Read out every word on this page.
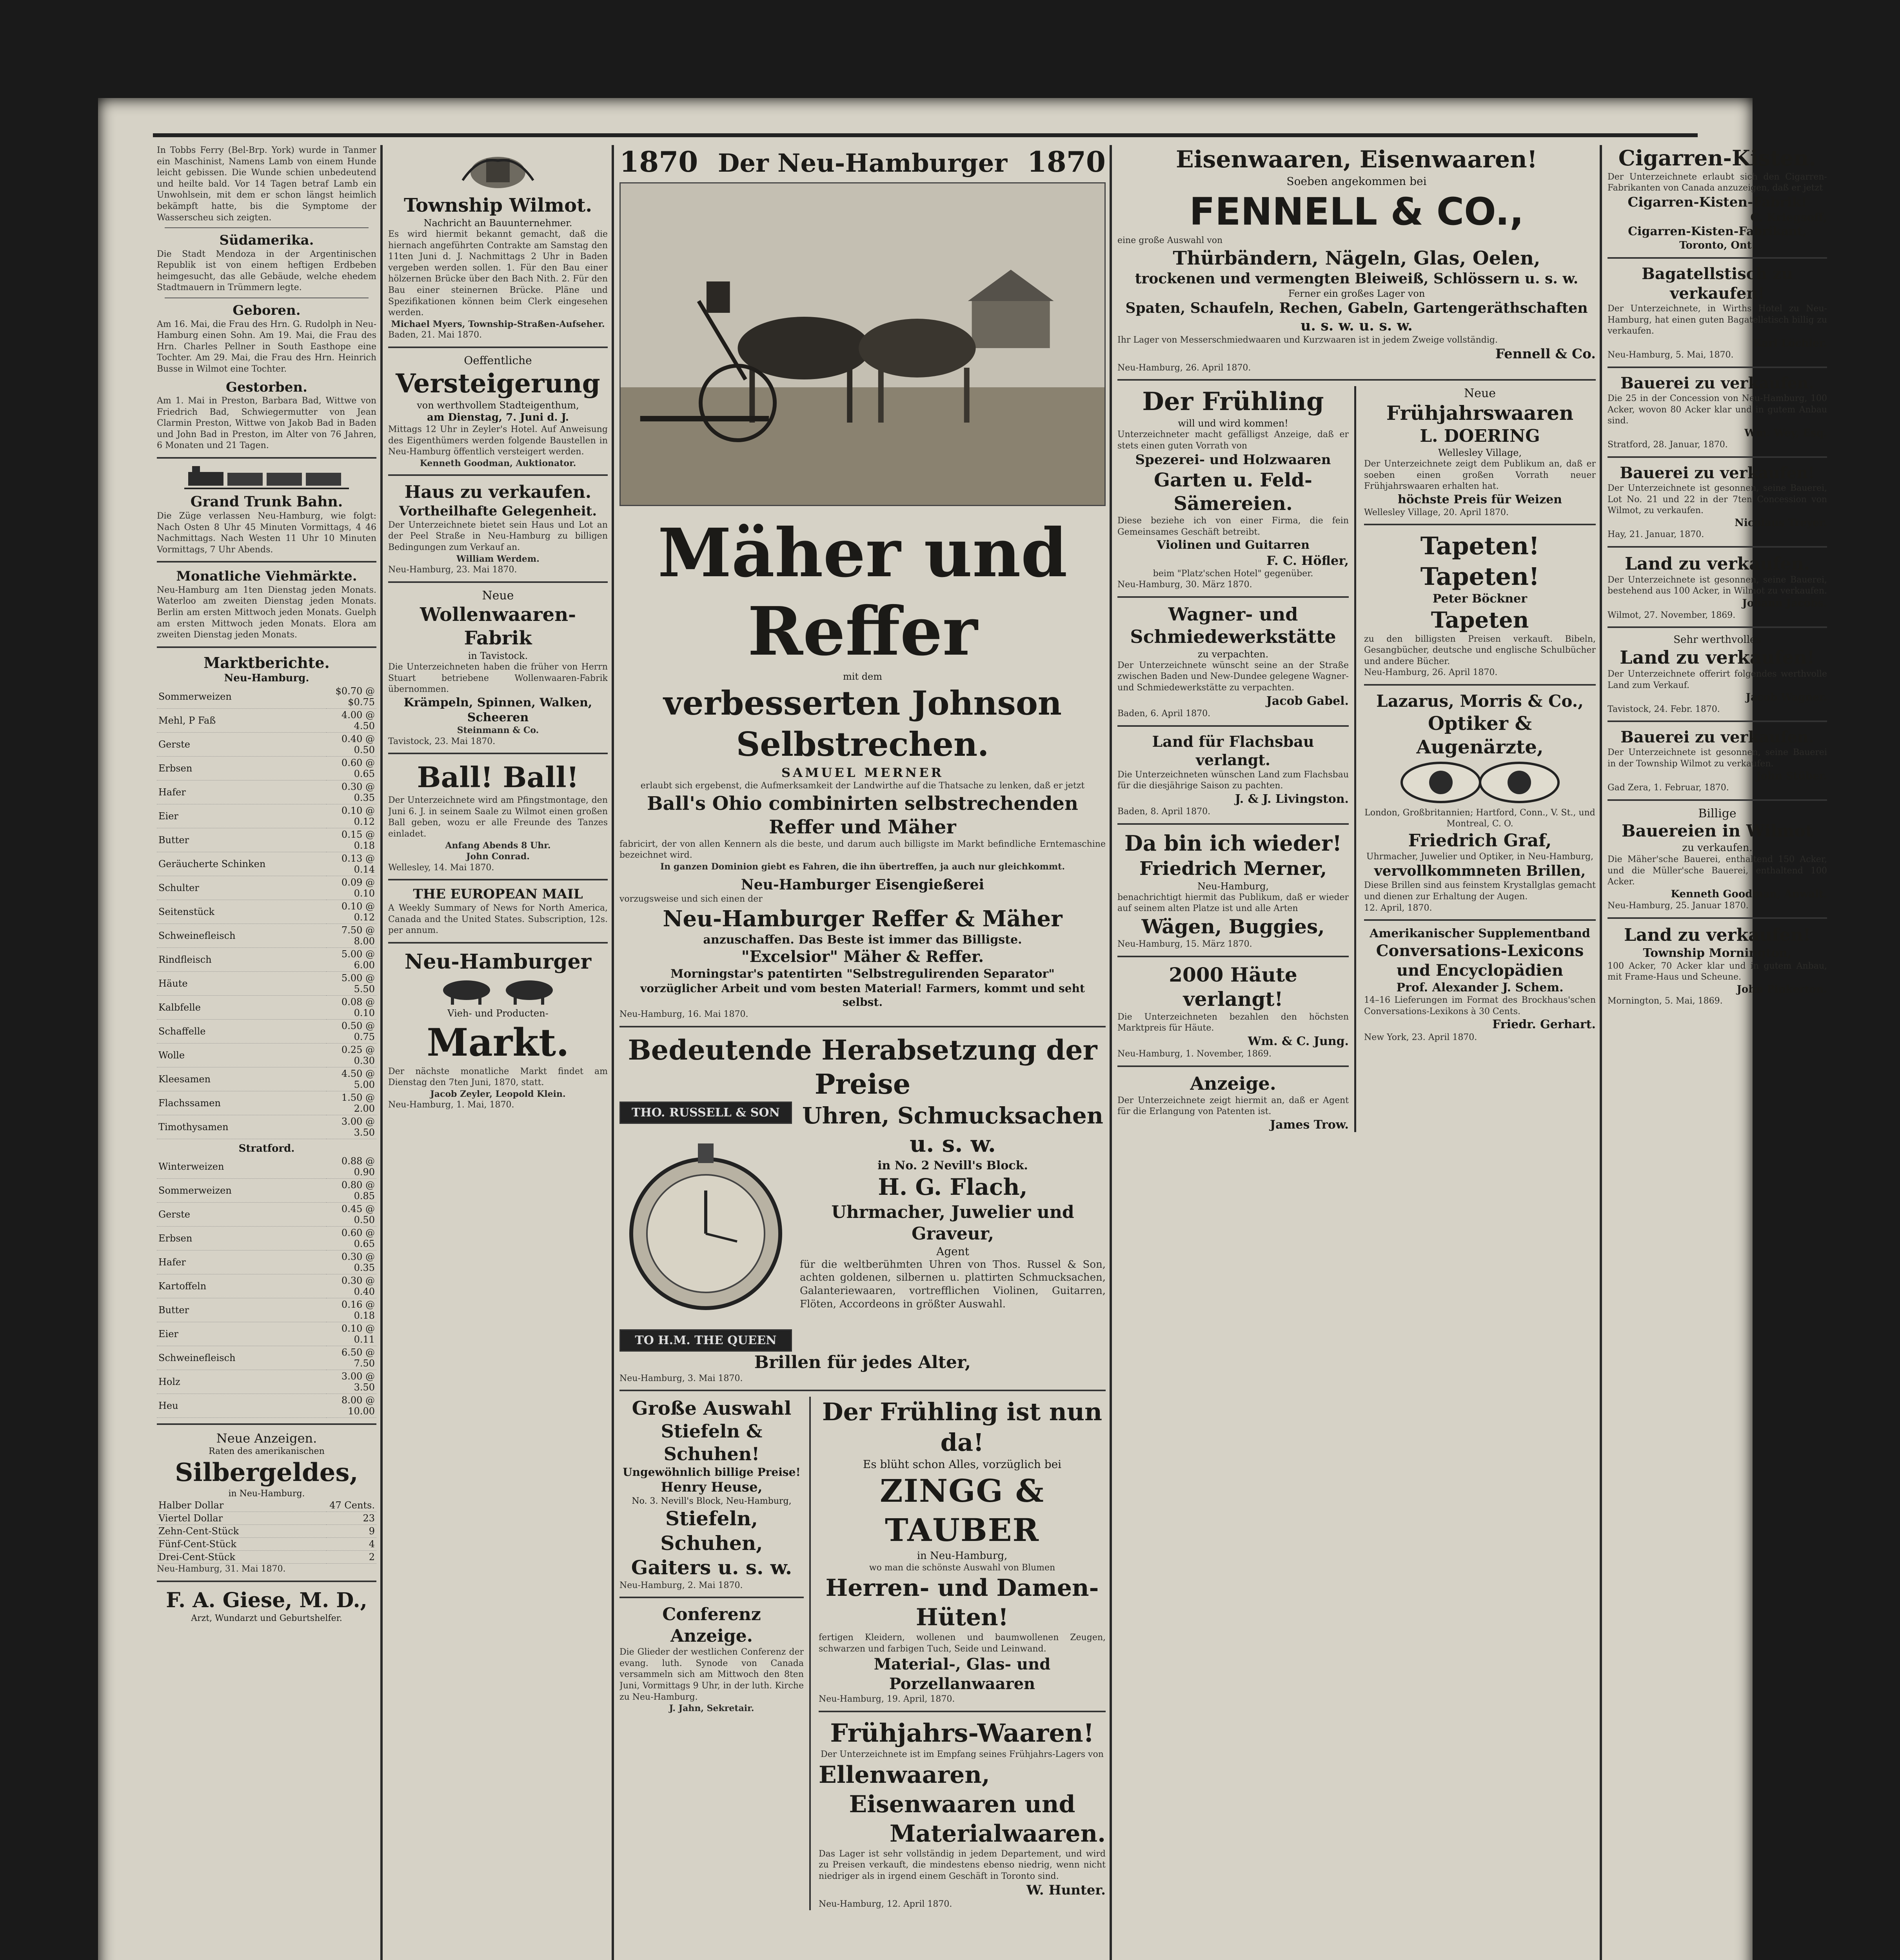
In Tobbs Ferry (Bel-Brp. York) wurde in Tanmer ein Maschinist, Namens Lamb von einem Hunde leicht gebissen. Die Wunde schien unbedeutend und heilte bald. Vor 14 Tagen betraf Lamb ein Unwohlsein, mit dem er schon längst heimlich bekämpft hatte, bis die Symptome der Wasserscheu sich zeigten.
Südamerika.
Die Stadt Mendoza in der Argentinischen Republik ist von einem heftigen Erdbeben heimgesucht, das alle Gebäude, welche ehedem Stadtmauern in Trümmern legte.
Geboren.
Am 16. Mai, die Frau des Hrn. G. Rudolph in Neu-Hamburg einen Sohn. Am 19. Mai, die Frau des Hrn. Charles Pellner in South Easthope eine Tochter. Am 29. Mai, die Frau des Hrn. Heinrich Busse in Wilmot eine Tochter.
Gestorben.
Am 1. Mai in Preston, Barbara Bad, Wittwe von Friedrich Bad, Schwiegermutter von Jean Clarmin Preston, Wittwe von Jakob Bad in Baden und John Bad in Preston, im Alter von 76 Jahren, 6 Monaten und 21 Tagen.
Grand Trunk Bahn.
Die Züge verlassen Neu-Hamburg, wie folgt: Nach Osten 8 Uhr 45 Minuten Vormittags, 4 46 Nachmittags. Nach Westen 11 Uhr 10 Minuten Vormittags, 7 Uhr Abends.
Monatliche Viehmärkte.
Neu-Hamburg am 1ten Dienstag jeden Monats. Waterloo am zweiten Dienstag jeden Monats. Berlin am ersten Mittwoch jeden Monats. Guelph am ersten Mittwoch jeden Monats. Elora am zweiten Dienstag jeden Monats.
Marktberichte.
Neu-Hamburg.
Sommerweizen	$0.70 @ $0.75
Mehl, P Faß	4.00 @ 4.50
Gerste	0.40 @ 0.50
Erbsen	0.60 @ 0.65
Hafer	0.30 @ 0.35
Eier	0.10 @ 0.12
Butter	0.15 @ 0.18
Geräucherte Schinken	0.13 @ 0.14
Schulter	0.09 @ 0.10
Seitenstück	0.10 @ 0.12
Schweinefleisch	7.50 @ 8.00
Rindfleisch	5.00 @ 6.00
Häute	5.00 @ 5.50
Kalbfelle	0.08 @ 0.10
Schaffelle	0.50 @ 0.75
Wolle	0.25 @ 0.30
Kleesamen	4.50 @ 5.00
Flachssamen	1.50 @ 2.00
Timothysamen	3.00 @ 3.50
Stratford.
Winterweizen	0.88 @ 0.90
Sommerweizen	0.80 @ 0.85
Gerste	0.45 @ 0.50
Erbsen	0.60 @ 0.65
Hafer	0.30 @ 0.35
Kartoffeln	0.30 @ 0.40
Butter	0.16 @ 0.18
Eier	0.10 @ 0.11
Schweinefleisch	6.50 @ 7.50
Holz	3.00 @ 3.50
Heu	8.00 @ 10.00
Neue Anzeigen.
Raten des amerikanischen
Silbergeldes,
in Neu-Hamburg.
Halber Dollar	47 Cents.
Viertel Dollar	23
Zehn-Cent-Stück	9
Fünf-Cent-Stück	4
Drei-Cent-Stück	2
Neu-Hamburg, 31. Mai 1870.
F. A. Giese, M. D.,
Arzt, Wundarzt und Geburtshelfer.
Township Wilmot.
Nachricht an Bauunternehmer.
Es wird hiermit bekannt gemacht, daß die hiernach angeführten Contrakte am Samstag den 11ten Juni d. J. Nachmittags 2 Uhr in Baden vergeben werden sollen. 1. Für den Bau einer hölzernen Brücke über den Bach Nith. 2. Für den Bau einer steinernen Brücke. Pläne und Spezifikationen können beim Clerk eingesehen werden.
Michael Myers, Township-Straßen-Aufseher.
Baden, 21. Mai 1870.
Oeffentliche
Versteigerung
von werthvollem Stadteigenthum,
am Dienstag, 7. Juni d. J.
Mittags 12 Uhr in Zeyler's Hotel. Auf Anweisung des Eigenthümers werden folgende Baustellen in Neu-Hamburg öffentlich versteigert werden.
Kenneth Goodman, Auktionator.
Haus zu verkaufen.
Vortheilhafte Gelegenheit.
Der Unterzeichnete bietet sein Haus und Lot an der Peel Straße in Neu-Hamburg zu billigen Bedingungen zum Verkauf an.
William Werdem.
Neu-Hamburg, 23. Mai 1870.
Neue
Wollenwaaren-Fabrik
in Tavistock.
Die Unterzeichneten haben die früher von Herrn Stuart betriebene Wollenwaaren-Fabrik übernommen.
Krämpeln, Spinnen, Walken, Scheeren
Steinmann & Co.
Tavistock, 23. Mai 1870.
Ball! Ball!
Der Unterzeichnete wird am Pfingstmontage, den Juni 6. J. in seinem Saale zu Wilmot einen großen Ball geben, wozu er alle Freunde des Tanzes einladet.
Anfang Abends 8 Uhr.
John Conrad.
Wellesley, 14. Mai 1870.
THE EUROPEAN MAIL
A Weekly Summary of News for North America, Canada and the United States. Subscription, 12s. per annum.
Neu-Hamburger
Vieh- und Producten-
Markt.
Der nächste monatliche Markt findet am Dienstag den 7ten Juni, 1870, statt.
Jacob Zeyler, Leopold Klein.
Neu-Hamburg, 1. Mai, 1870.
1870 Der Neu-Hamburger 1870
Mäher und Reffer
mit dem
verbesserten Johnson Selbstrechen.
SAMUEL MERNER
erlaubt sich ergebenst, die Aufmerksamkeit der Landwirthe auf die Thatsache zu lenken, daß er jetzt
Ball's Ohio combinirten selbstrechenden Reffer und Mäher
fabricirt, der von allen Kennern als die beste, und darum auch billigste im Markt befindliche Erntemaschine bezeichnet wird.
In ganzen Dominion giebt es Fahren, die ihn übertreffen, ja auch nur gleichkommt.
Neu-Hamburger Eisengießerei
vorzugsweise und sich einen der
Neu-Hamburger Reffer & Mäher
anzuschaffen. Das Beste ist immer das Billigste.
"Excelsior" Mäher & Reffer.
Morningstar's patentirten "Selbstregulirenden Separator"
vorzüglicher Arbeit und vom besten Material! Farmers, kommt und seht selbst.
Neu-Hamburg, 16. Mai 1870.
Bedeutende Herabsetzung der Preise
THO. RUSSELL & SON
TO H.M. THE QUEEN
Uhren, Schmucksachen u. s. w.
in No. 2 Nevill's Block.
H. G. Flach,
Uhrmacher, Juwelier und Graveur,
Agent
für die weltberühmten Uhren von Thos. Russel & Son, achten goldenen, silbernen u. plattirten Schmucksachen, Galanteriewaaren, vortrefflichen Violinen, Guitarren, Flöten, Accordeons in größter Auswahl.
Brillen für jedes Alter,
Neu-Hamburg, 3. Mai 1870.
Große Auswahl
Stiefeln & Schuhen!
Ungewöhnlich billige Preise!
Henry Heuse,
No. 3. Nevill's Block, Neu-Hamburg,
Stiefeln, Schuhen, Gaiters u. s. w.
Neu-Hamburg, 2. Mai 1870.
Conferenz Anzeige.
Die Glieder der westlichen Conferenz der evang. luth. Synode von Canada versammeln sich am Mittwoch den 8ten Juni, Vormittags 9 Uhr, in der luth. Kirche zu Neu-Hamburg.
J. Jahn, Sekretair.
Der Frühling ist nun da!
Es blüht schon Alles, vorzüglich bei
ZINGG & TAUBER
in Neu-Hamburg,
wo man die schönste Auswahl von Blumen
Herren- und Damen-Hüten!
fertigen Kleidern, wollenen und baumwollenen Zeugen, schwarzen und farbigen Tuch, Seide und Leinwand.
Material-, Glas- und Porzellanwaaren
Neu-Hamburg, 19. April, 1870.
Frühjahrs-Waaren!
Der Unterzeichnete ist im Empfang seines Frühjahrs-Lagers von
Ellenwaaren,
Eisenwaaren und
Materialwaaren.
Das Lager ist sehr vollständig in jedem Departement, und wird zu Preisen verkauft, die mindestens ebenso niedrig, wenn nicht niedriger als in irgend einem Geschäft in Toronto sind.
W. Hunter.
Neu-Hamburg, 12. April 1870.
Eisenwaaren, Eisenwaaren!
Soeben angekommen bei
FENNELL & CO.,
eine große Auswahl von
Thürbändern, Nägeln, Glas, Oelen,
trockenen und vermengten Bleiweiß, Schlössern u. s. w.
Ferner ein großes Lager von
Spaten, Schaufeln, Rechen, Gabeln, Gartengeräthschaften u. s. w. u. s. w.
Ihr Lager von Messerschmiedwaaren und Kurzwaaren ist in jedem Zweige vollständig.
Fennell & Co.
Neu-Hamburg, 26. April 1870.
Der Frühling
will und wird kommen!
Unterzeichneter macht gefälligst Anzeige, daß er stets einen guten Vorrath von
Spezerei- und Holzwaaren
Garten u. Feld-Sämereien.
Diese beziehe ich von einer Firma, die fein Gemeinsames Geschäft betreibt.
Violinen und Guitarren
F. C. Höfler,
beim "Platz'schen Hotel" gegenüber.
Neu-Hamburg, 30. März 1870.
Wagner- und Schmiedewerkstätte
zu verpachten.
Der Unterzeichnete wünscht seine an der Straße zwischen Baden und New-Dundee gelegene Wagner- und Schmiedewerkstätte zu verpachten.
Jacob Gabel.
Baden, 6. April 1870.
Land für Flachsbau verlangt.
Die Unterzeichneten wünschen Land zum Flachsbau für die diesjährige Saison zu pachten.
J. & J. Livingston.
Baden, 8. April 1870.
Da bin ich wieder!
Friedrich Merner,
Neu-Hamburg,
benachrichtigt hiermit das Publikum, daß er wieder auf seinem alten Platze ist und alle Arten
Wägen, Buggies,
Neu-Hamburg, 15. März 1870.
2000 Häute verlangt!
Die Unterzeichneten bezahlen den höchsten Marktpreis für Häute.
Wm. & C. Jung.
Neu-Hamburg, 1. November, 1869.
Anzeige.
Der Unterzeichnete zeigt hiermit an, daß er Agent für die Erlangung von Patenten ist.
James Trow.
Neue
Frühjahrswaaren
L. DOERING
Wellesley Village,
Der Unterzeichnete zeigt dem Publikum an, daß er soeben einen großen Vorrath neuer Frühjahrswaaren erhalten hat.
höchste Preis für Weizen
Wellesley Village, 20. April 1870.
Tapeten! Tapeten!
Peter Böckner
Tapeten
zu den billigsten Preisen verkauft. Bibeln, Gesangbücher, deutsche und englische Schulbücher und andere Bücher.
Neu-Hamburg, 26. April 1870.
Lazarus, Morris & Co.,
Optiker & Augenärzte,
London, Großbritannien; Hartford, Conn., V. St., und Montreal, C. O.
Friedrich Graf,
Uhrmacher, Juwelier und Optiker, in Neu-Hamburg,
vervollkommneten Brillen,
Diese Brillen sind aus feinstem Krystallglas gemacht und dienen zur Erhaltung der Augen.
12. April, 1870.
Amerikanischer Supplementband
Conversations-Lexicons und Encyclopädien
Prof. Alexander J. Schem.
14–16 Lieferungen im Format des Brockhaus'schen Conversations-Lexikons à 30 Cents.
Friedr. Gerhart.
New York, 23. April 1870.
Cigarren-Kisten.
Der Unterzeichnete erlaubt sich den Cigarren-Fabrikanten von Canada anzuzeigen, daß er jetzt
Cigarren-Kisten-Fabrik!
C. Kriegsoff,
Cigarren-Kisten-Fabrikant,
Toronto, Ont.
Bagatellstisch zu verkaufen!
Der Unterzeichnete, in Wirths Hotel zu Neu-Hamburg, hat einen guten Bagatellstisch billig zu verkaufen.
Karl Löchler.
Neu-Hamburg, 5. Mai, 1870.
Bauerei zu verkaufen.
Die 25 in der Concession von Neu-Hamburg, 100 Acker, wovon 80 Acker klar und in gutem Anbau sind.
Wm. Wey, Esq.
Stratford, 28. Januar, 1870.
Bauerei zu verkaufen!
Der Unterzeichnete ist gesonnen, seine Bauerei, Lot No. 21 und 22 in der 7ten Concession von Wilmot, zu verkaufen.
Nicolaus Treyer.
Hay, 21. Januar, 1870.
Land zu verkaufen.
Der Unterzeichnete ist gesonnen, seine Bauerei, bestehend aus 100 Acker, in Wilmot zu verkaufen.
Johann Jacobs.
Wilmot, 27. November, 1869.
Sehr werthvolles
Land zu verkaufen!
Der Unterzeichnete offerirt folgendes werthvolle Land zum Verkauf.
Jacob Wagner.
Tavistock, 24. Febr. 1870.
Bauerei zu verkaufen.
Der Unterzeichnete ist gesonnen, seine Bauerei in der Township Wilmot zu verkaufen.
John Stüber.
Gad Zera, 1. Februar, 1870.
Billige
Bauereien in Wilmot
zu verkaufen.
Die Mäher'sche Bauerei, enthaltend 150 Acker, und die Müller'sche Bauerei, enthaltend 100 Acker.
Kenneth Goodman, Anwalt.
Neu-Hamburg, 25. Januar 1870.
Land zu verkaufen!
Township Mornington,
100 Acker, 70 Acker klar und in gutem Anbau, mit Frame-Haus und Scheune.
John Pinkerton.
Mornington, 5. Mai, 1869.
